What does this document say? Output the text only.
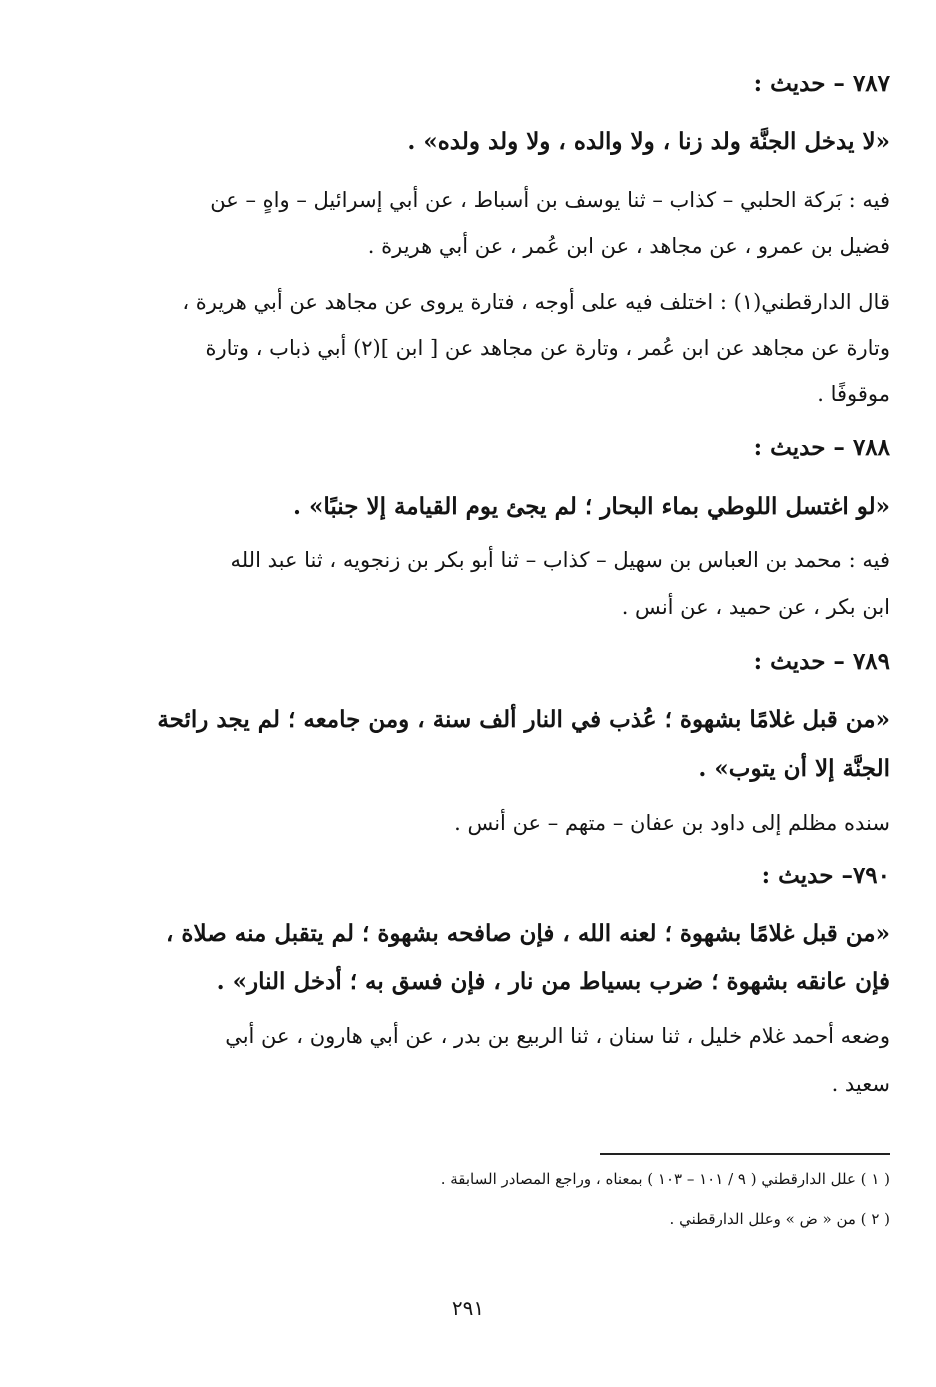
٧٨٧ – حديث :
«لا يدخل الجنَّة ولد زنا ، ولا والده ، ولا ولد ولده» .
فيه : بَركة الحلبي – كذاب – ثنا يوسف بن أسباط ، عن أبي إسرائيل – واهٍ – عن
فضيل بن عمرو ، عن مجاهد ، عن ابن عُمر ، عن أبي هريرة .
قال الدارقطني(١) : اختلف فيه على أوجه ، فتارة يروى عن مجاهد عن أبي هريرة ،
وتارة عن مجاهد عن ابن عُمر ، وتارة عن مجاهد عن [ ابن ](٢) أبي ذباب ، وتارة
موقوفًا .
٧٨٨ – حديث :
«لو اغتسل اللوطي بماء البحار ؛ لم يجئ يوم القيامة إلا جنبًا» .
فيه : محمد بن العباس بن سهيل – كذاب – ثنا أبو بكر بن زنجويه ، ثنا عبد الله
ابن بكر ، عن حميد ، عن أنس .
٧٨٩ – حديث :
«من قبل غلامًا بشهوة ؛ عُذب في النار ألف سنة ، ومن جامعه ؛ لم يجد رائحة
الجنَّة إلا أن يتوب» .
سنده مظلم إلى داود بن عفان – متهم – عن أنس .
٧٩٠– حديث :
«من قبل غلامًا بشهوة ؛ لعنه الله ، فإن صافحه بشهوة ؛ لم يتقبل منه صلاة ،
فإن عانقه بشهوة ؛ ضرب بسياط من نار ، فإن فسق به ؛ أدخل النار» .
وضعه أحمد غلام خليل ، ثنا سنان ، ثنا الربيع بن بدر ، عن أبي هارون ، عن أبي
سعيد .
( ١ ) علل الدارقطني ( ٩ / ١٠١ – ١٠٣ ) بمعناه ، وراجع المصادر السابقة .
( ٢ ) من « ض » وعلل الدارقطني .
٢٩١
